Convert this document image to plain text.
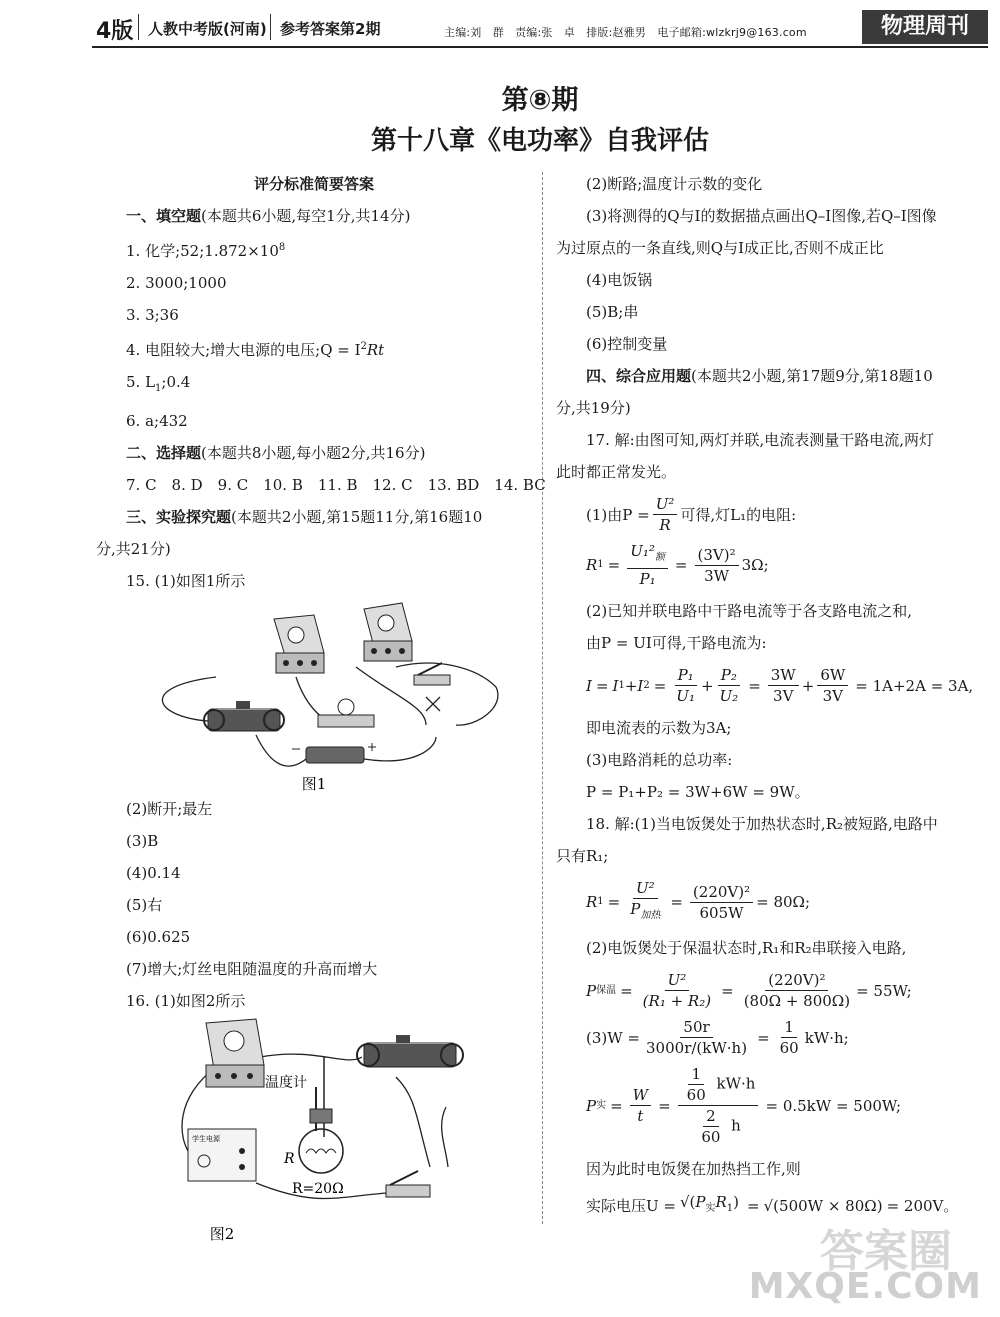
4版 人教中考版(河南) 参考答案第2期	主编:刘　群　责编:张　卓　排版:赵雅男　电子邮箱:wlzkrj9@163.com	物理周刊
第⑧期
第十八章《电功率》自我评估
评分标准简要答案
一、填空题(本题共6小题,每空1分,共14分)
1. 化学$;52;1.872\times 10^8$
2. 3000;1000
3. 3;36
4. 电阻较大;增大电源的电压;Q = $I^2Rt$
5. $L_1;0.4$
6. a;432
二、选择题(本题共8小题,每小题2分,共16分)
7. C　8. D　9. C　10. B　11. B　12. C　13. BD　14. BC
三、实验探究题(本题共2小题,第15题11分,第16题10
分,共21分)
15. (1)如图1所示
图1
(2)断开;最左
(3)B
(4)0.14
(5)右
(6)0.625
(7)增大;灯丝电阻随温度的升高而增大
16. (1)如图2所示
温度计
R
R=20Ω
学生电源
图2
(2)断路;温度计示数的变化
(3)将测得的Q与I的数据描点画出Q–I图像,若Q–I图像
为过原点的一条直线,则Q与I成正比,否则不成正比
(4)电饭锅
(5)B;串
(6)控制变量
四、综合应用题(本题共2小题,第17题9分,第18题10
分,共19分)
17. 解:由图可知,两灯并联,电流表测量干路电流,两灯
此时都正常发光。
(1)由$P = \frac{\text{U²}}{R}$ 可得,灯L₁的电阻:
R $1 = \frac{U_1^2_额}{\text{P₁}} = \frac{\text{(3V)²}}{3W} 3\Omega$;
(2)已知并联电路中干路电流等于各支路电流之和,
由P = UI可得,干路电流为:
I = I 1 + I $2 = \frac{\text{P₁}}{\text{U₁}} + \frac{\text{P₂}}{\text{U₂}} = \frac{3W}{3V} + \frac{6W}{3V} = 1A+2A = 3A$,
即电流表的示数为3A;
(3)电路消耗的总功率:
P = P₁+P₂ = 3W+6W = 9W。
18. 解:(1)当电饭煲处于加热状态时,R₂被短路,电路中
只有R₁;
R $1 = \frac{\text{U²}}{P_{加热}} = \frac{\text{(220V)²}}{605W} = 80\Omega$;
(2)电饭煲处于保温状态时,R₁和R₂串联接入电路,
P 保温 = $\frac{\text{U²}}{\text{(R₁ + R₂)}} = \frac{\text{(220V)²}}{(80\Omega + 800\Omega)} = 55W$;
$(3)W = \frac{50r}{3000r/(kW\cdot h)} = \frac{1}{60} kW\cdot h$;
P 实 = $\frac{W}{t} = \frac{\frac{1}{60} kW\cdot h}{\frac{2}{60} h} = 0.5kW = 500W$;
因为此时电饭煲在加热挡工作,则
实际电压$U = √(P_实R_1) = √(500W \times 80\Omega) = 200V$。
答案圈
MXQE.COM
